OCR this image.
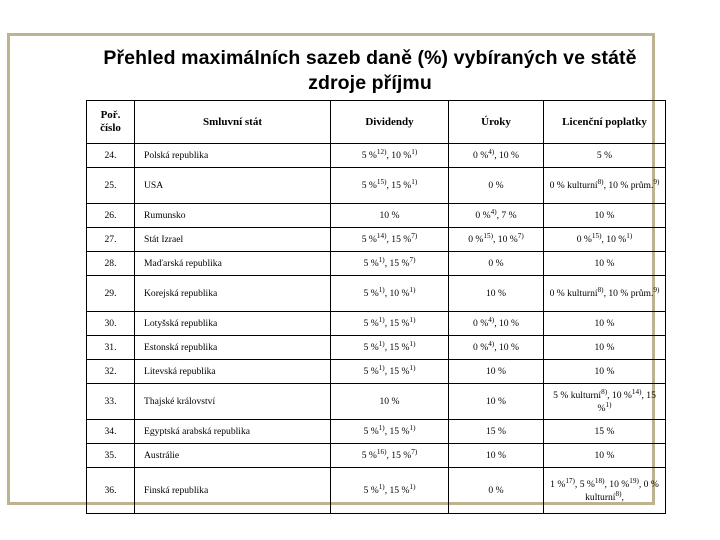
Přehled maximálních sazeb daně (%) vybíraných ve státě zdroje příjmu
Poř. číslo	Smluvní stát	Dividendy	Úroky	Licenční poplatky
24.	Polská republika	5 %$^{12)}$, 10 %$^{1)}$	0 %$^{4)}$, 10 %	5 %
25.	USA	5 %$^{15)}$, 15 %$^{1)}$	0 %	0 % kulturní$^{8)}$, 10 % prům.$^{9)}$
26.	Rumunsko	10 %	0 %$^{4)}$, 7 %	10 %
27.	Stát Izrael	5 %$^{14)}$, 15 %$^{7)}$	0 %$^{15)}$, 10 %$^{7)}$	0 %$^{15)}$, 10 %$^{1)}$
28.	Maďarská republika	5 %$^{1)}$, 15 %$^{7)}$	0 %	10 %
29.	Korejská republika	5 %$^{1)}$, 10 %$^{1)}$	10 %	0 % kulturní$^{8)}$, 10 % prům.$^{9)}$
30.	Lotyšská republika	5 %$^{1)}$, 15 %$^{1)}$	0 %$^{4)}$, 10 %	10 %
31.	Estonská republika	5 %$^{1)}$, 15 %$^{1)}$	0 %$^{4)}$, 10 %	10 %
32.	Litevská republika	5 %$^{1)}$, 15 %$^{1)}$	10 %	10 %
33.	Thajské království	10 %	10 %	5 % kulturní$^{8)}$, 10 %$^{14)}$, 15 %$^{1)}$
34.	Egyptská arabská republika	5 %$^{1)}$, 15 %$^{1)}$	15 %	15 %
35.	Austrálie	5 %$^{16)}$, 15 %$^{7)}$	10 %	10 %
36.	Finská republika	5 %$^{1)}$, 15 %$^{1)}$	0 %	1 %$^{17)}$, 5 %$^{18)}$, 10 %$^{19)}$, 0 % kulturní$^{8)}$,
